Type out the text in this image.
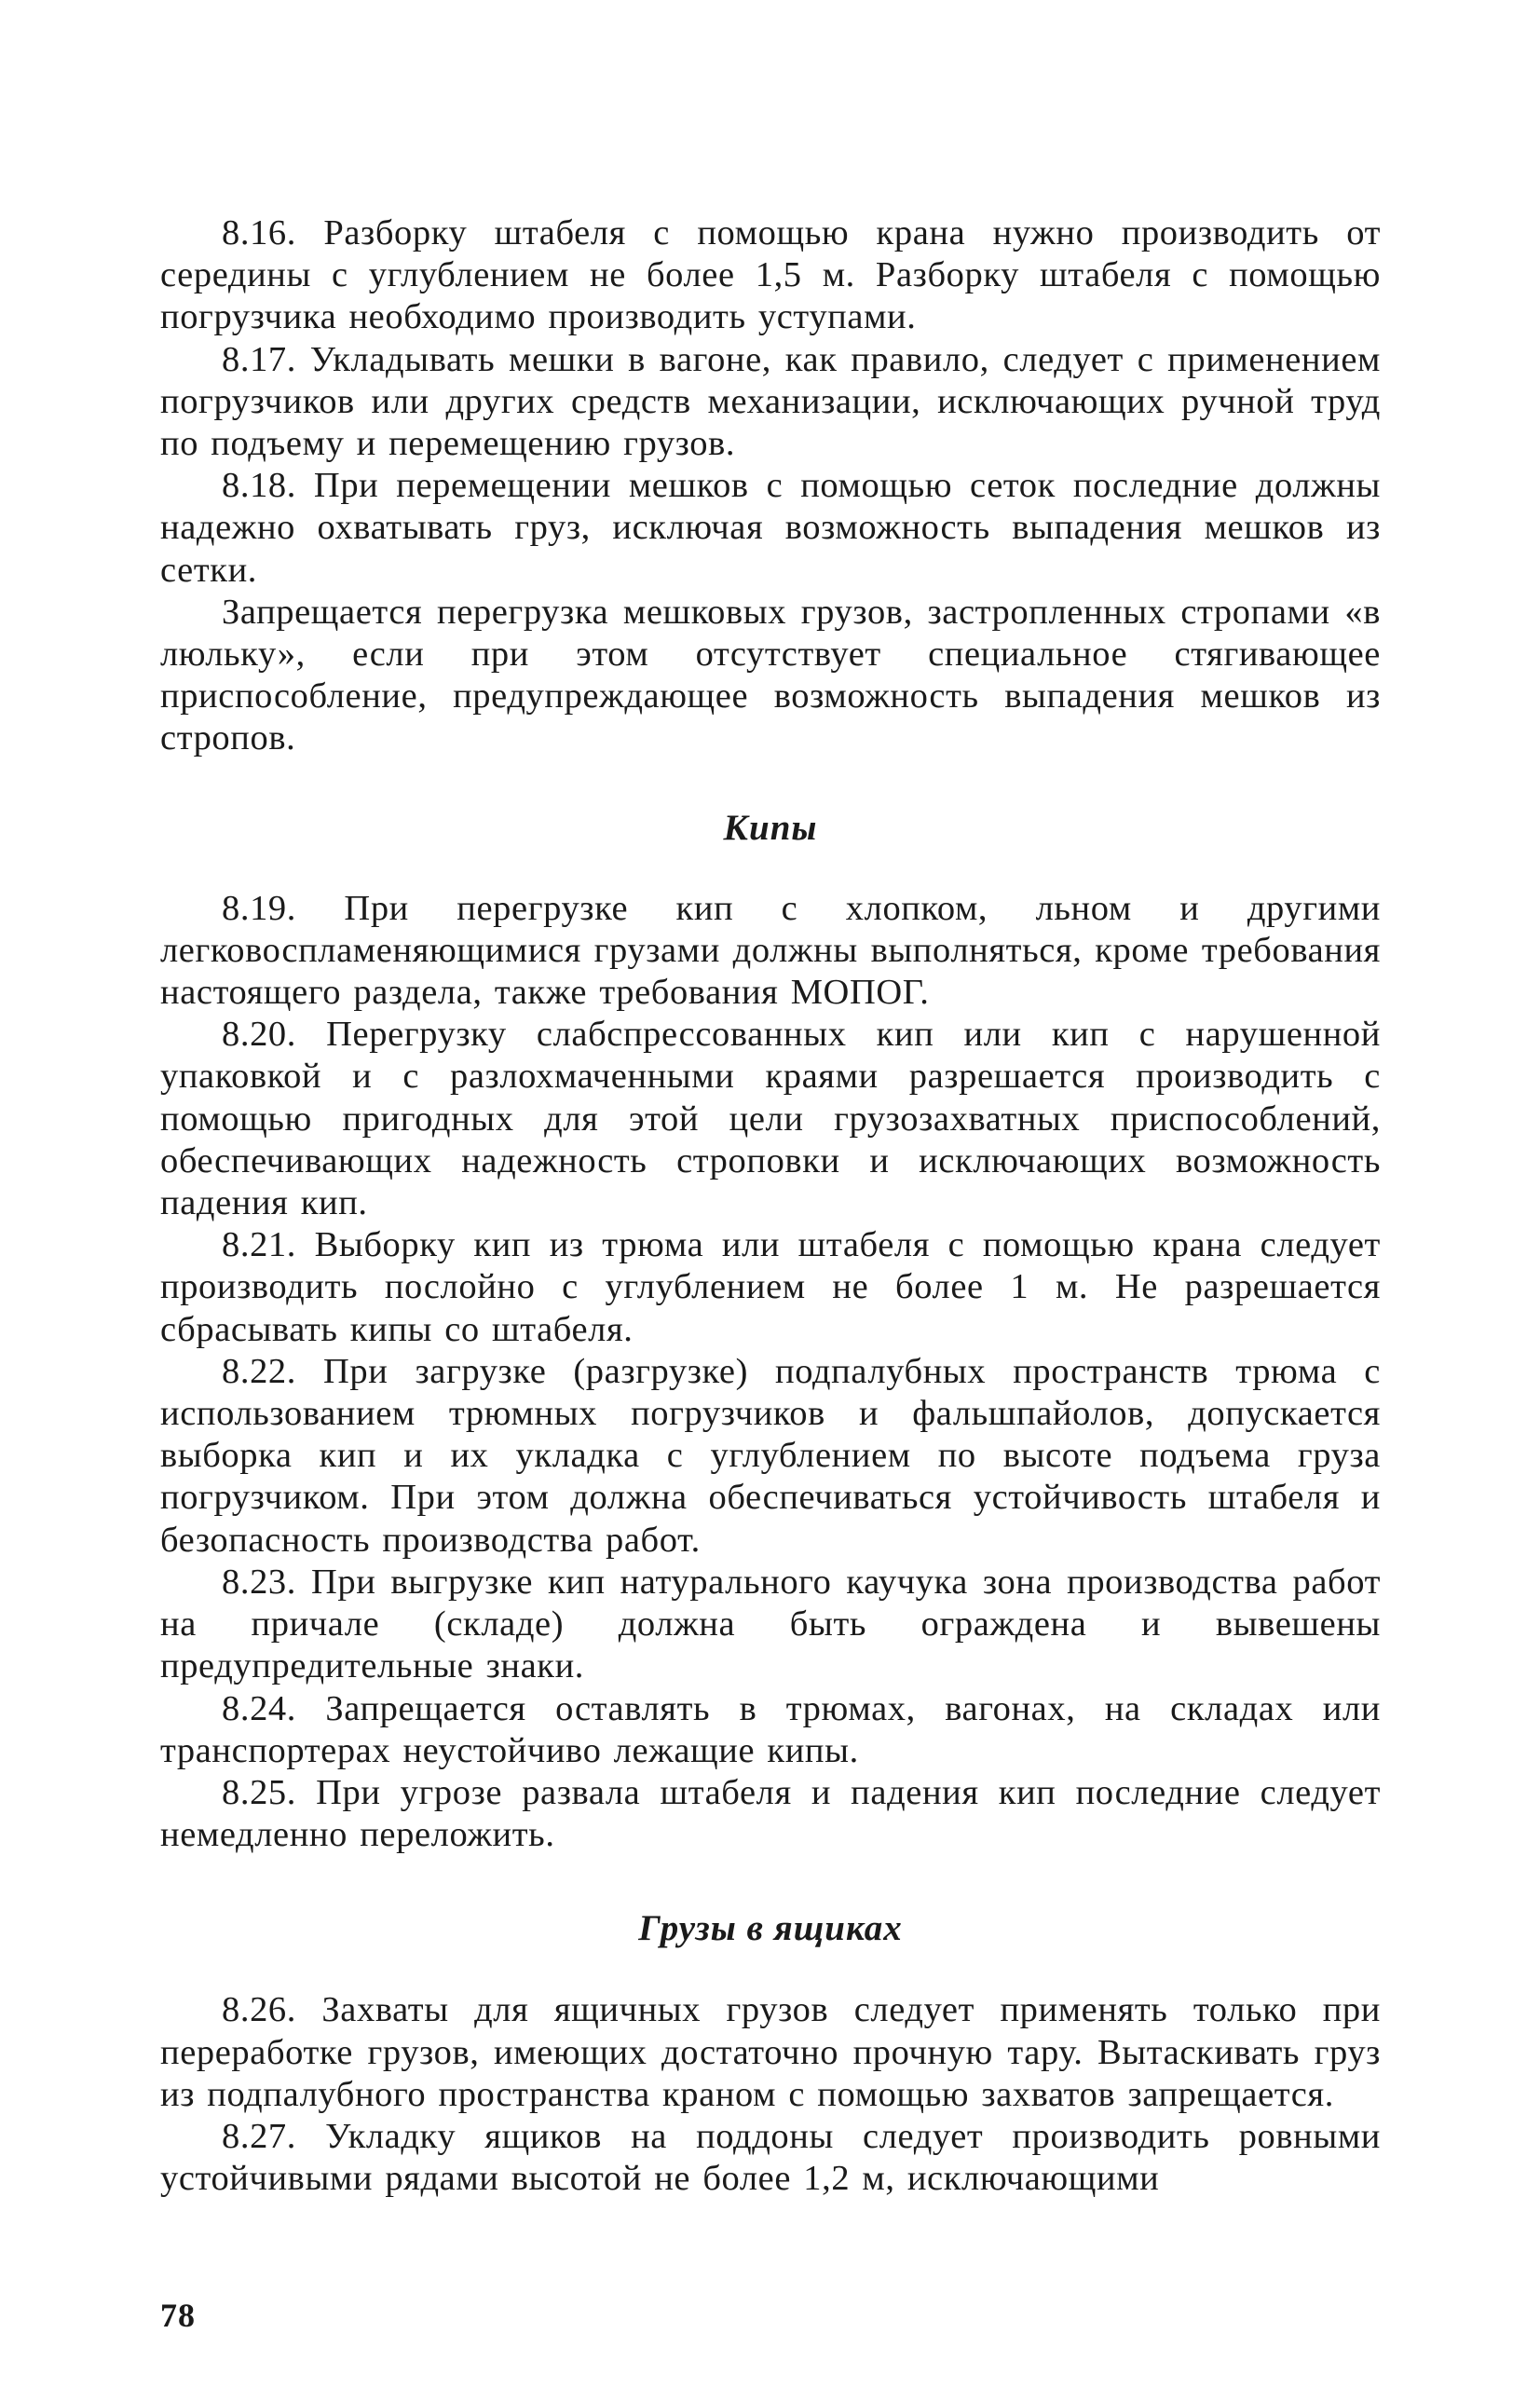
8.16. Разборку штабеля с помощью крана нужно производить от середины с углублением не более 1,5 м. Разборку штабеля с помощью погрузчика необходимо производить уступами.

8.17. Укладывать мешки в вагоне, как правило, следует с применением погрузчиков или других средств механизации, исключающих ручной труд по подъему и перемещению грузов.

8.18. При перемещении мешков с помощью сеток последние должны надежно охватывать груз, исключая возможность выпадения мешков из сетки.

Запрещается перегрузка мешковых грузов, застропленных стропами «в люльку», если при этом отсутствует специальное стягивающее приспособление, предупреждающее возможность выпадения мешков из стропов.

Кипы

8.19. При перегрузке кип с хлопком, льном и другими легковоспламеняющимися грузами должны выполняться, кроме требования настоящего раздела, также требования МОПОГ.

8.20. Перегрузку слабспрессованных кип или кип с нарушенной упаковкой и с разлохмаченными краями разрешается производить с помощью пригодных для этой цели грузозахватных приспособлений, обеспечивающих надежность строповки и исключающих возможность падения кип.

8.21. Выборку кип из трюма или штабеля с помощью крана следует производить послойно с углублением не более 1 м. Не разрешается сбрасывать кипы со штабеля.

8.22. При загрузке (разгрузке) подпалубных пространств трюма с использованием трюмных погрузчиков и фальшпайолов, допускается выборка кип и их укладка с углублением по высоте подъема груза погрузчиком. При этом должна обеспечиваться устойчивость штабеля и безопасность производства работ.

8.23. При выгрузке кип натурального каучука зона производства работ на причале (складе) должна быть ограждена и вывешены предупредительные знаки.

8.24. Запрещается оставлять в трюмах, вагонах, на складах или транспортерах неустойчиво лежащие кипы.

8.25. При угрозе развала штабеля и падения кип последние следует немедленно переложить.

Грузы в ящиках

8.26. Захваты для ящичных грузов следует применять только при переработке грузов, имеющих достаточно прочную тару. Вытаскивать груз из подпалубного пространства краном с помощью захватов запрещается.

8.27. Укладку ящиков на поддоны следует производить ровными устойчивыми рядами высотой не более 1,2 м, исключающими

78
